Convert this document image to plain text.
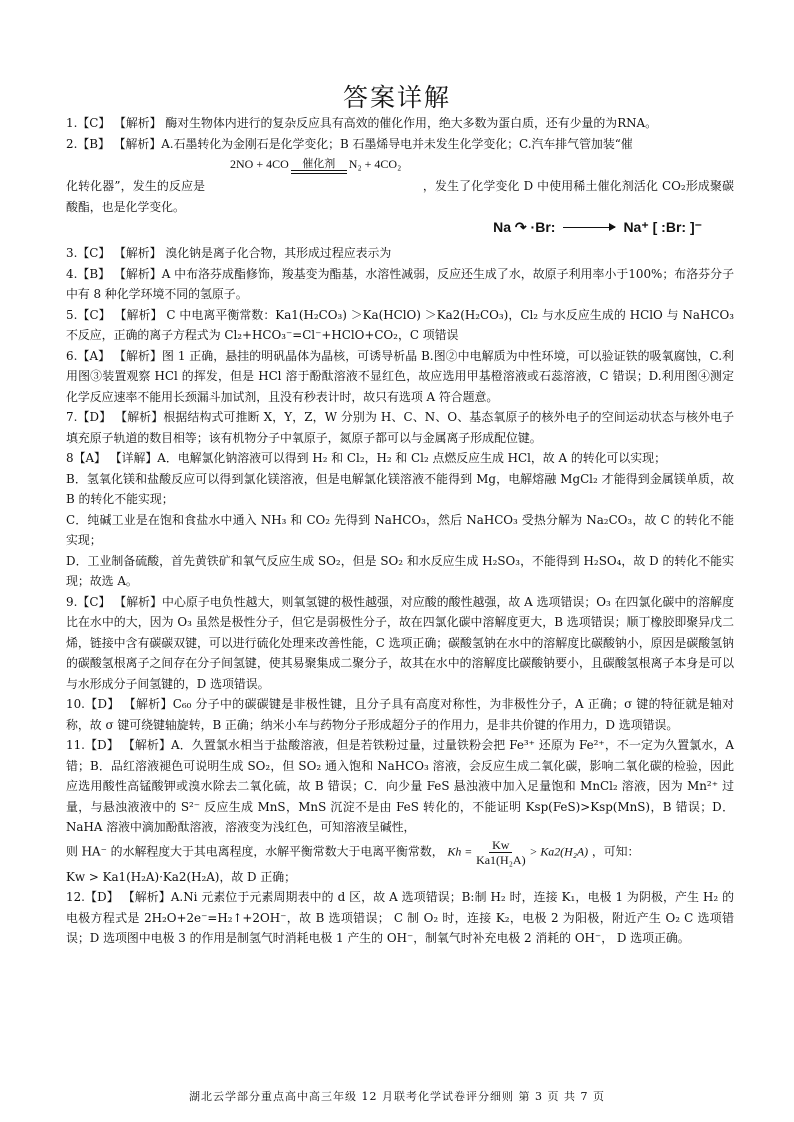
答案详解

1.【C】 【解析】 酶对生物体内进行的复杂反应具有高效的催化作用，绝大多数为蛋白质，还有少量的为RNA。

2.【B】 【解析】A.石墨转化为金刚石是化学变化；B 石墨烯导电并未发生化学变化；C.汽车排气管加装“催

2NO + 4CO 催化剂 N₂ + 4CO₂

化转化器”，发生的反应是　　　　　　　　　　　　　　　　　　，发生了化学变化 D 中使用稀土催化剂活化 CO₂形成聚碳酸酯，也是化学变化。

Na ↷ ·Br: → Na⁺ [ :Br: ]⁻

3.【C】 【解析】 溴化钠是离子化合物，其形成过程应表示为

4.【B】 【解析】A 中布洛芬成酯修饰，羧基变为酯基，水溶性减弱，反应还生成了水，故原子利用率小于100%；布洛芬分子中有 8 种化学环境不同的氢原子。

5.【C】 【解析】 C 中电离平衡常数：Ka1(H₂CO₃) ＞Ka(HClO) ＞Ka2(H₂CO₃)，Cl₂ 与水反应生成的 HClO 与 NaHCO₃ 不反应，正确的离子方程式为 Cl₂+HCO₃⁻=Cl⁻+HClO+CO₂，C 项错误

6.【A】 【解析】图 1 正确，悬挂的明矾晶体为晶核，可诱导析晶 B.图②中电解质为中性环境，可以验证铁的吸氧腐蚀，C.利用图③装置观察 HCl 的挥发，但是 HCl 溶于酚酞溶液不显红色，故应选用甲基橙溶液或石蕊溶液，C 错误；D.利用图④测定化学反应速率不能用长颈漏斗加试剂，且没有秒表计时，故只有选项 A 符合题意。

7.【D】 【解析】根据结构式可推断 X，Y，Z，W 分别为 H、C、N、O、基态氧原子的核外电子的空间运动状态与核外电子填充原子轨道的数目相等；该有机物分子中氧原子，氮原子都可以与金属离子形成配位键。

8【A】 【详解】A．电解氯化钠溶液可以得到 H₂ 和 Cl₂，H₂ 和 Cl₂ 点燃反应生成 HCl，故 A 的转化可以实现；

B．氢氧化镁和盐酸反应可以得到氯化镁溶液，但是电解氯化镁溶液不能得到 Mg，电解熔融 MgCl₂ 才能得到金属镁单质，故 B 的转化不能实现；

C．纯碱工业是在饱和食盐水中通入 NH₃ 和 CO₂ 先得到 NaHCO₃，然后 NaHCO₃ 受热分解为 Na₂CO₃，故 C 的转化不能实现；

D．工业制备硫酸，首先黄铁矿和氧气反应生成 SO₂，但是 SO₂ 和水反应生成 H₂SO₃，不能得到 H₂SO₄，故 D 的转化不能实现；故选 A。

9.【C】 【解析】中心原子电负性越大，则氧氢键的极性越强，对应酸的酸性越强，故 A 选项错误；O₃ 在四氯化碳中的溶解度比在水中的大，因为 O₃ 虽然是极性分子，但它是弱极性分子，故在四氯化碳中溶解度更大，B 选项错误；顺丁橡胶即聚异戊二烯，链接中含有碳碳双键，可以进行硫化处理来改善性能，C 选项正确；碳酸氢钠在水中的溶解度比碳酸钠小，原因是碳酸氢钠的碳酸氢根离子之间存在分子间氢键，使其易聚集成二聚分子，故其在水中的溶解度比碳酸钠要小，且碳酸氢根离子本身是可以与水形成分子间氢键的，D 选项错误。

10.【D】 【解析】C₆₀ 分子中的碳碳键是非极性键，且分子具有高度对称性，为非极性分子，A 正确；σ 键的特征就是轴对称，故 σ 键可绕键轴旋转，B 正确；纳米小车与药物分子形成超分子的作用力，是非共价键的作用力，D 选项错误。

11.【D】 【解析】A．久置氯水相当于盐酸溶液，但是若铁粉过量，过量铁粉会把 Fe³⁺ 还原为 Fe²⁺，不一定为久置氯水，A 错；B．品红溶液褪色可说明生成 SO₂，但 SO₂ 通入饱和 NaHCO₃ 溶液，会反应生成二氧化碳，影响二氧化碳的检验，因此应选用酸性高锰酸钾或溴水除去二氧化硫，故 B 错误；C．向少量 FeS 悬浊液中加入足量饱和 MnCl₂ 溶液，因为 Mn²⁺ 过量，与悬浊液液中的 S²⁻ 反应生成 MnS，MnS 沉淀不是由 FeS 转化的，不能证明 Ksp(FeS)>Ksp(MnS)，B 错误；D．NaHA 溶液中滴加酚酞溶液，溶液变为浅红色，可知溶液呈碱性，

则 HA⁻ 的水解程度大于其电离程度，水解平衡常数大于电离平衡常数， $Kh = \frac{Kw}{\text{Ka1(H₂A)}} > Ka2(H_2A)$ ，可知：

Kw > Ka1(H₂A)·Ka2(H₂A)，故 D 正确；

12.【D】 【解析】A.Ni 元素位于元素周期表中的 d 区，故 A 选项错误；B:制 H₂ 时，连接 K₁，电极 1 为阴极，产生 H₂ 的电极方程式是 2H₂O+2e⁻=H₂↑+2OH⁻，故 B 选项错误； C 制 O₂ 时，连接 K₂，电极 2 为阳极，附近产生 O₂ C 选项错误；D 选项图中电极 3 的作用是制氢气时消耗电极 1 产生的 OH⁻，制氧气时补充电极 2 消耗的 OH⁻， D 选项正确。

湖北云学部分重点高中高三年级 12 月联考化学试卷评分细则 第 3 页 共 7 页
